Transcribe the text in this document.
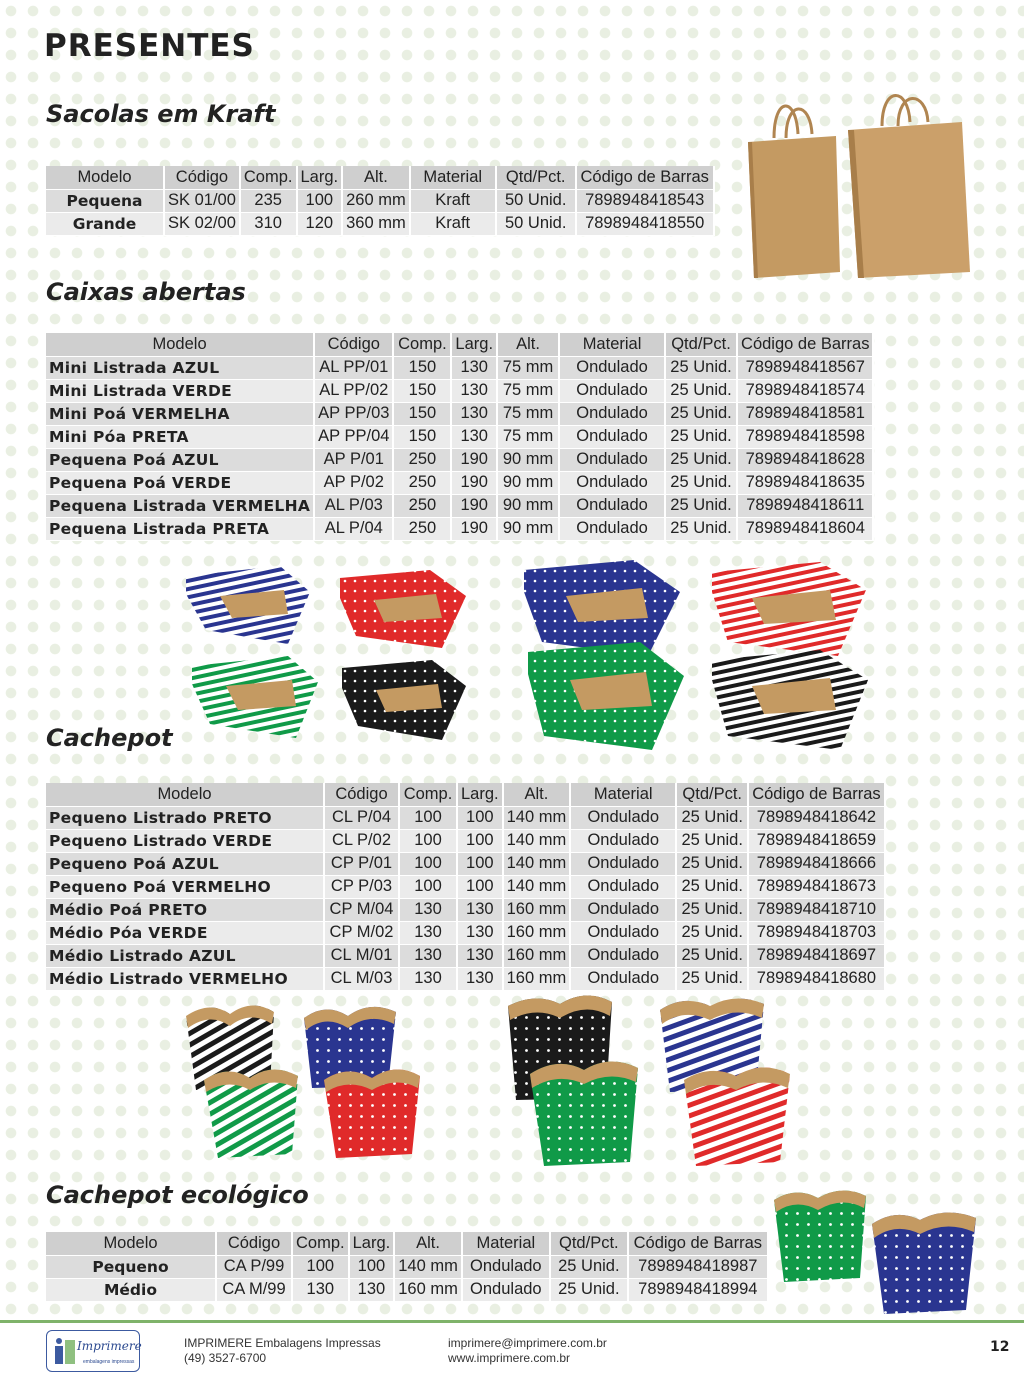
PRESENTES
Sacolas em Kraft
Modelo	Código	Comp.	Larg.	Alt.	Material	Qtd/Pct.	Código de Barras
Pequena	SK 01/00	235	100	260 mm	Kraft	50 Unid.	7898948418543
Grande	SK 02/00	310	120	360 mm	Kraft	50 Unid.	7898948418550
Caixas abertas
Modelo	Código	Comp.	Larg.	Alt.	Material	Qtd/Pct.	Código de Barras
Mini Listrada AZUL	AL PP/01	150	130	75 mm	Ondulado	25 Unid.	7898948418567
Mini Listrada VERDE	AL PP/02	150	130	75 mm	Ondulado	25 Unid.	7898948418574
Mini Poá VERMELHA	AP PP/03	150	130	75 mm	Ondulado	25 Unid.	7898948418581
Mini Póa PRETA	AP PP/04	150	130	75 mm	Ondulado	25 Unid.	7898948418598
Pequena Poá AZUL	AP P/01	250	190	90 mm	Ondulado	25 Unid.	7898948418628
Pequena Poá VERDE	AP P/02	250	190	90 mm	Ondulado	25 Unid.	7898948418635
Pequena Listrada VERMELHA	AL P/03	250	190	90 mm	Ondulado	25 Unid.	7898948418611
Pequena Listrada PRETA	AL P/04	250	190	90 mm	Ondulado	25 Unid.	7898948418604
Cachepot
Modelo	Código	Comp.	Larg.	Alt.	Material	Qtd/Pct.	Código de Barras
Pequeno Listrado PRETO	CL P/04	100	100	140 mm	Ondulado	25 Unid.	7898948418642
Pequeno Listrado VERDE	CL P/02	100	100	140 mm	Ondulado	25 Unid.	7898948418659
Pequeno Poá AZUL	CP P/01	100	100	140 mm	Ondulado	25 Unid.	7898948418666
Pequeno Poá VERMELHO	CP P/03	100	100	140 mm	Ondulado	25 Unid.	7898948418673
Médio Poá PRETO	CP M/04	130	130	160 mm	Ondulado	25 Unid.	7898948418710
Médio Póa VERDE	CP M/02	130	130	160 mm	Ondulado	25 Unid.	7898948418703
Médio Listrado AZUL	CL M/01	130	130	160 mm	Ondulado	25 Unid.	7898948418697
Médio Listrado VERMELHO	CL M/03	130	130	160 mm	Ondulado	25 Unid.	7898948418680
Cachepot ecológico
Modelo	Código	Comp.	Larg.	Alt.	Material	Qtd/Pct.	Código de Barras
Pequeno	CA P/99	100	100	140 mm	Ondulado	25 Unid.	7898948418987
Médio	CA M/99	130	130	160 mm	Ondulado	25 Unid.	7898948418994
Imprimere
embalagens impressas
IMPRIMERE Embalagens Impressas
(49) 3527-6700
imprimere@imprimere.com.br
www.imprimere.com.br
12
